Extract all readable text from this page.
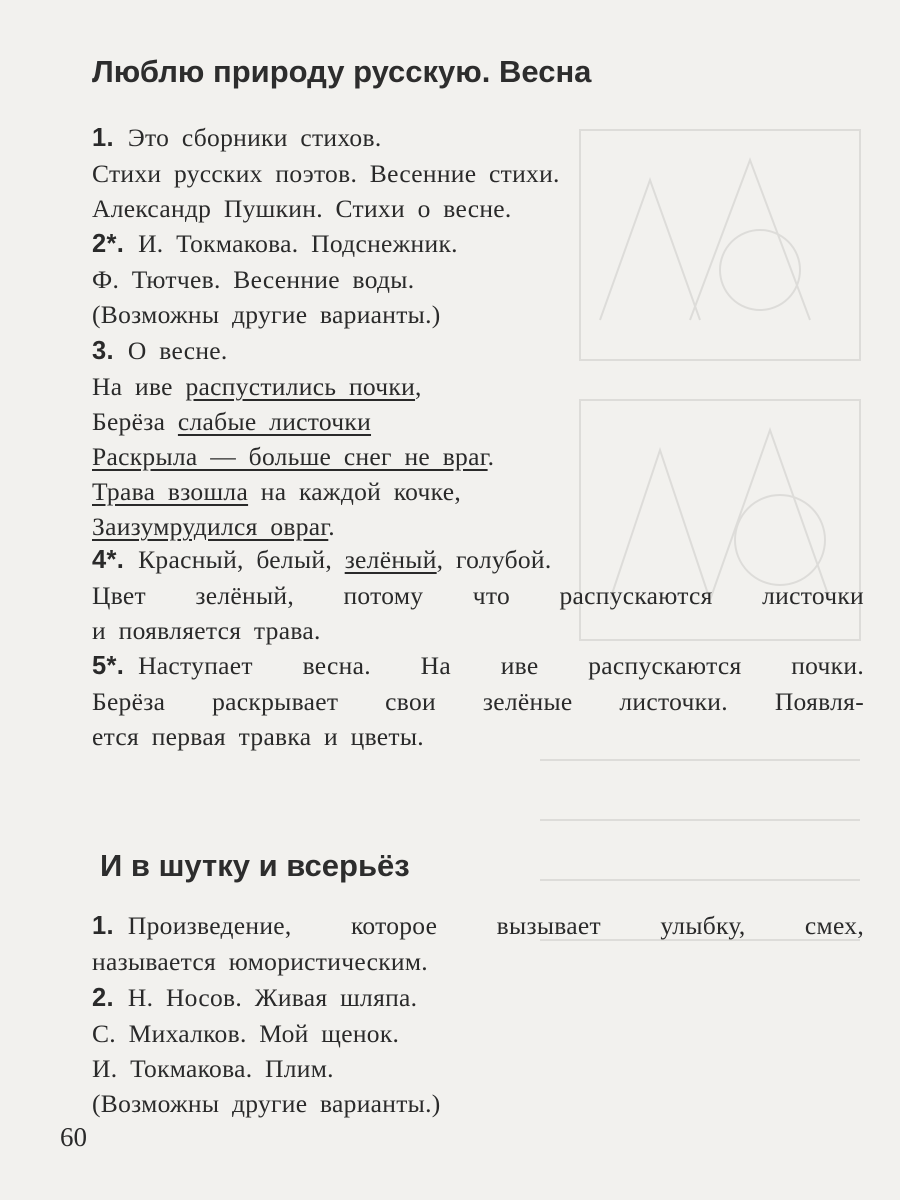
Люблю природу русскую. Весна
1. Это сборники стихов.
Стихи русских поэтов. Весенние стихи.
Александр Пушкин. Стихи о весне.
2*. И. Токмакова. Подснежник.
Ф. Тютчев. Весенние воды.
(Возможны другие варианты.)
3. О весне.
На иве распустились почки,
Берёза слабые листочки
Раскрыла — больше снег не враг.
Трава взошла на каждой кочке,
Заизумрудился овраг.
4*. Красный, белый, зелёный, голубой.
Цвет зелёный, потому что распускаются листочки
и появляется трава.
5*. Наступает весна. На иве распускаются почки.
Берёза раскрывает свои зелёные листочки. Появля-
ется первая травка и цветы.
И в шутку и всерьёз
1. Произведение, которое вызывает улыбку, смех,
называется юмористическим.
2. Н. Носов. Живая шляпа.
С. Михалков. Мой щенок.
И. Токмакова. Плим.
(Возможны другие варианты.)
60
